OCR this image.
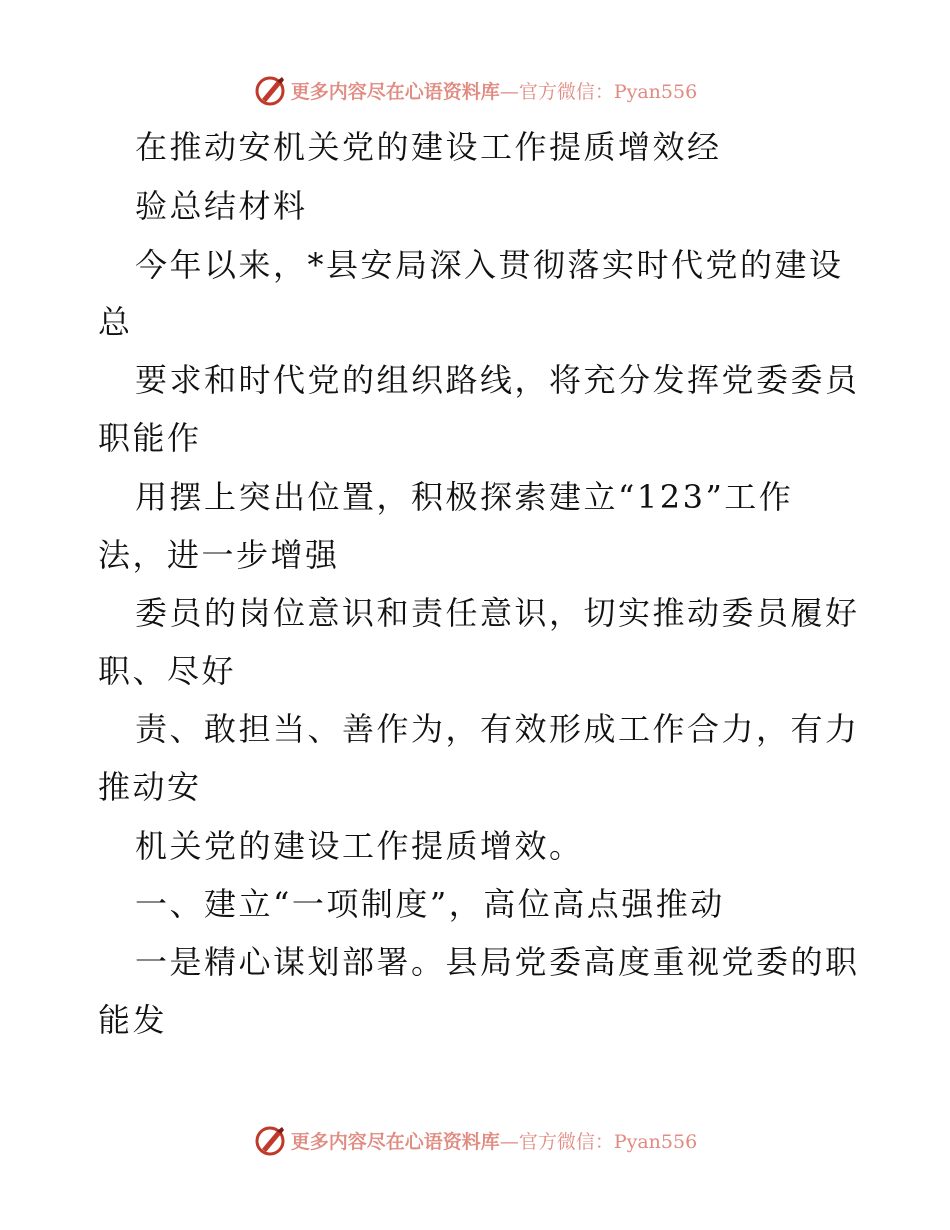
更多内容尽在心语资料库—官方微信：Pyan556
在推动安机关党的建设工作提质增效经
验总结材料
今年以来，*县安局深入贯彻落实时代党的建设
总
要求和时代党的组织路线，将充分发挥党委委员
职能作
用摆上突出位置，积极探索建立“123”工作
法，进一步增强
委员的岗位意识和责任意识，切实推动委员履好
职、尽好
责、敢担当、善作为，有效形成工作合力，有力
推动安
机关党的建设工作提质增效。
一、建立“一项制度”，高位高点强推动
一是精心谋划部署。县局党委高度重视党委的职
能发
更多内容尽在心语资料库—官方微信：Pyan556
